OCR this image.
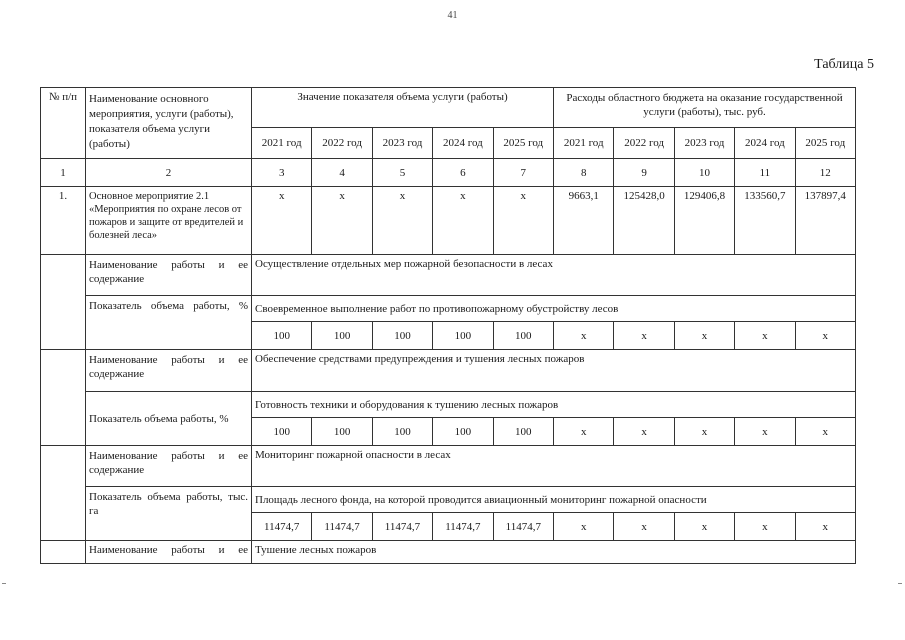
41
Таблица 5
№ п/п	Наименование основного мероприятия, услуги (работы), показателя объема услуги (работы)	Значение показателя объема услуги (работы)					Расходы областного бюджета на оказание государственной услуги (работы), тыс. руб.				
		2021 год	2022 год	2023 год	2024 год	2025 год	2021 год	2022 год	2023 год	2024 год	2025 год
1	2	3	4	5	6	7	8	9	10	11	12
1.	Основное мероприятие 2.1 «Мероприятия по охране лесов от пожаров и защите от вредителей и болезней леса»	x	x	x	x	x	9663,1	125428,0	129406,8	133560,7	137897,4
	Наименование работы и ее содержание	Осуществление отдельных мер пожарной безопасности в лесах									
	Показатель объема работы, %	Своевременное выполнение работ по противопожарному обустройству лесов									
		100	100	100	100	100	x	x	x	x	x
	Наименование работы и ее содержание	Обеспечение средствами предупреждения и тушения лесных пожаров									
	Показатель объема работы, %	Готовность техники и оборудования к тушению лесных пожаров									
		100	100	100	100	100	x	x	x	x	x
	Наименование работы и ее содержание	Мониторинг пожарной опасности в лесах									
	Показатель объема работы, тыс. га	Площадь лесного фонда, на которой проводится авиационный мониторинг пожарной опасности									
		11474,7	11474,7	11474,7	11474,7	11474,7	x	x	x	x	x
	Наименование работы и ее	Тушение лесных пожаров									
